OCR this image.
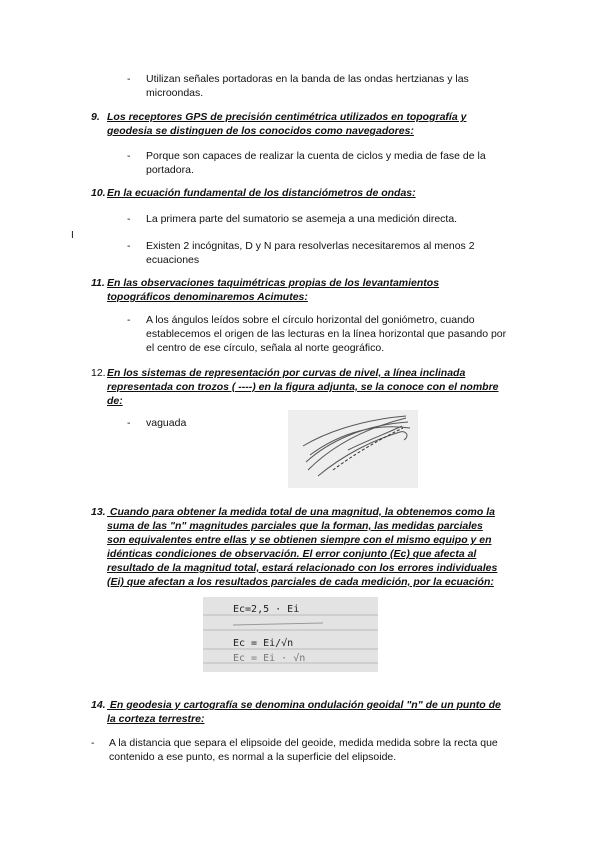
I
- Utilizan señales portadoras en la banda de las ondas hertzianas y las
microondas.
9. Los receptores GPS de precisión centimétrica utilizados en topografía y
geodesia se distinguen de los conocidos como navegadores:
- Porque son capaces de realizar la cuenta de ciclos y media de fase de la
portadora.
10.En la ecuación fundamental de los distanciómetros de ondas:
- La primera parte del sumatorio se asemeja a una medición directa.
- Existen 2 incógnitas, D y N para resolverlas necesitaremos al menos 2
ecuaciones
11. En las observaciones taquimétricas propias de los levantamientos
topográficos denominaremos Acimutes:
- A los ángulos leídos sobre el círculo horizontal del goniómetro, cuando
establecemos el origen de las lecturas en la línea horizontal que pasando por
el centro de ese círculo, señala al norte geográfico.
12.En los sistemas de representación por curvas de nivel, a línea inclinada
representada con trozos ( ----) en la figura adjunta, se la conoce con el nombre
de:
- vaguada
13. Cuando para obtener la medida total de una magnitud, la obtenemos como la
suma de las "n" magnitudes parciales que la forman, las medidas parciales
son equivalentes entre ellas y se obtienen siempre con el mismo equipo y en
idénticas condiciones de observación. El error conjunto (Ec) que afecta al
resultado de la magnitud total, estará relacionado con los errores individuales
(Ei) que afectan a los resultados parciales de cada medición, por la ecuación:
Ec=2,5 · Ei
Ec = Ei/√n
Ec = Ei · √n
14. En geodesia y cartografía se denomina ondulación geoidal "n" de un punto de
la corteza terrestre:
- A la distancia que separa el elipsoide del geoide, medida medida sobre la recta que
contenido a ese punto, es normal a la superficie del elipsoide.
